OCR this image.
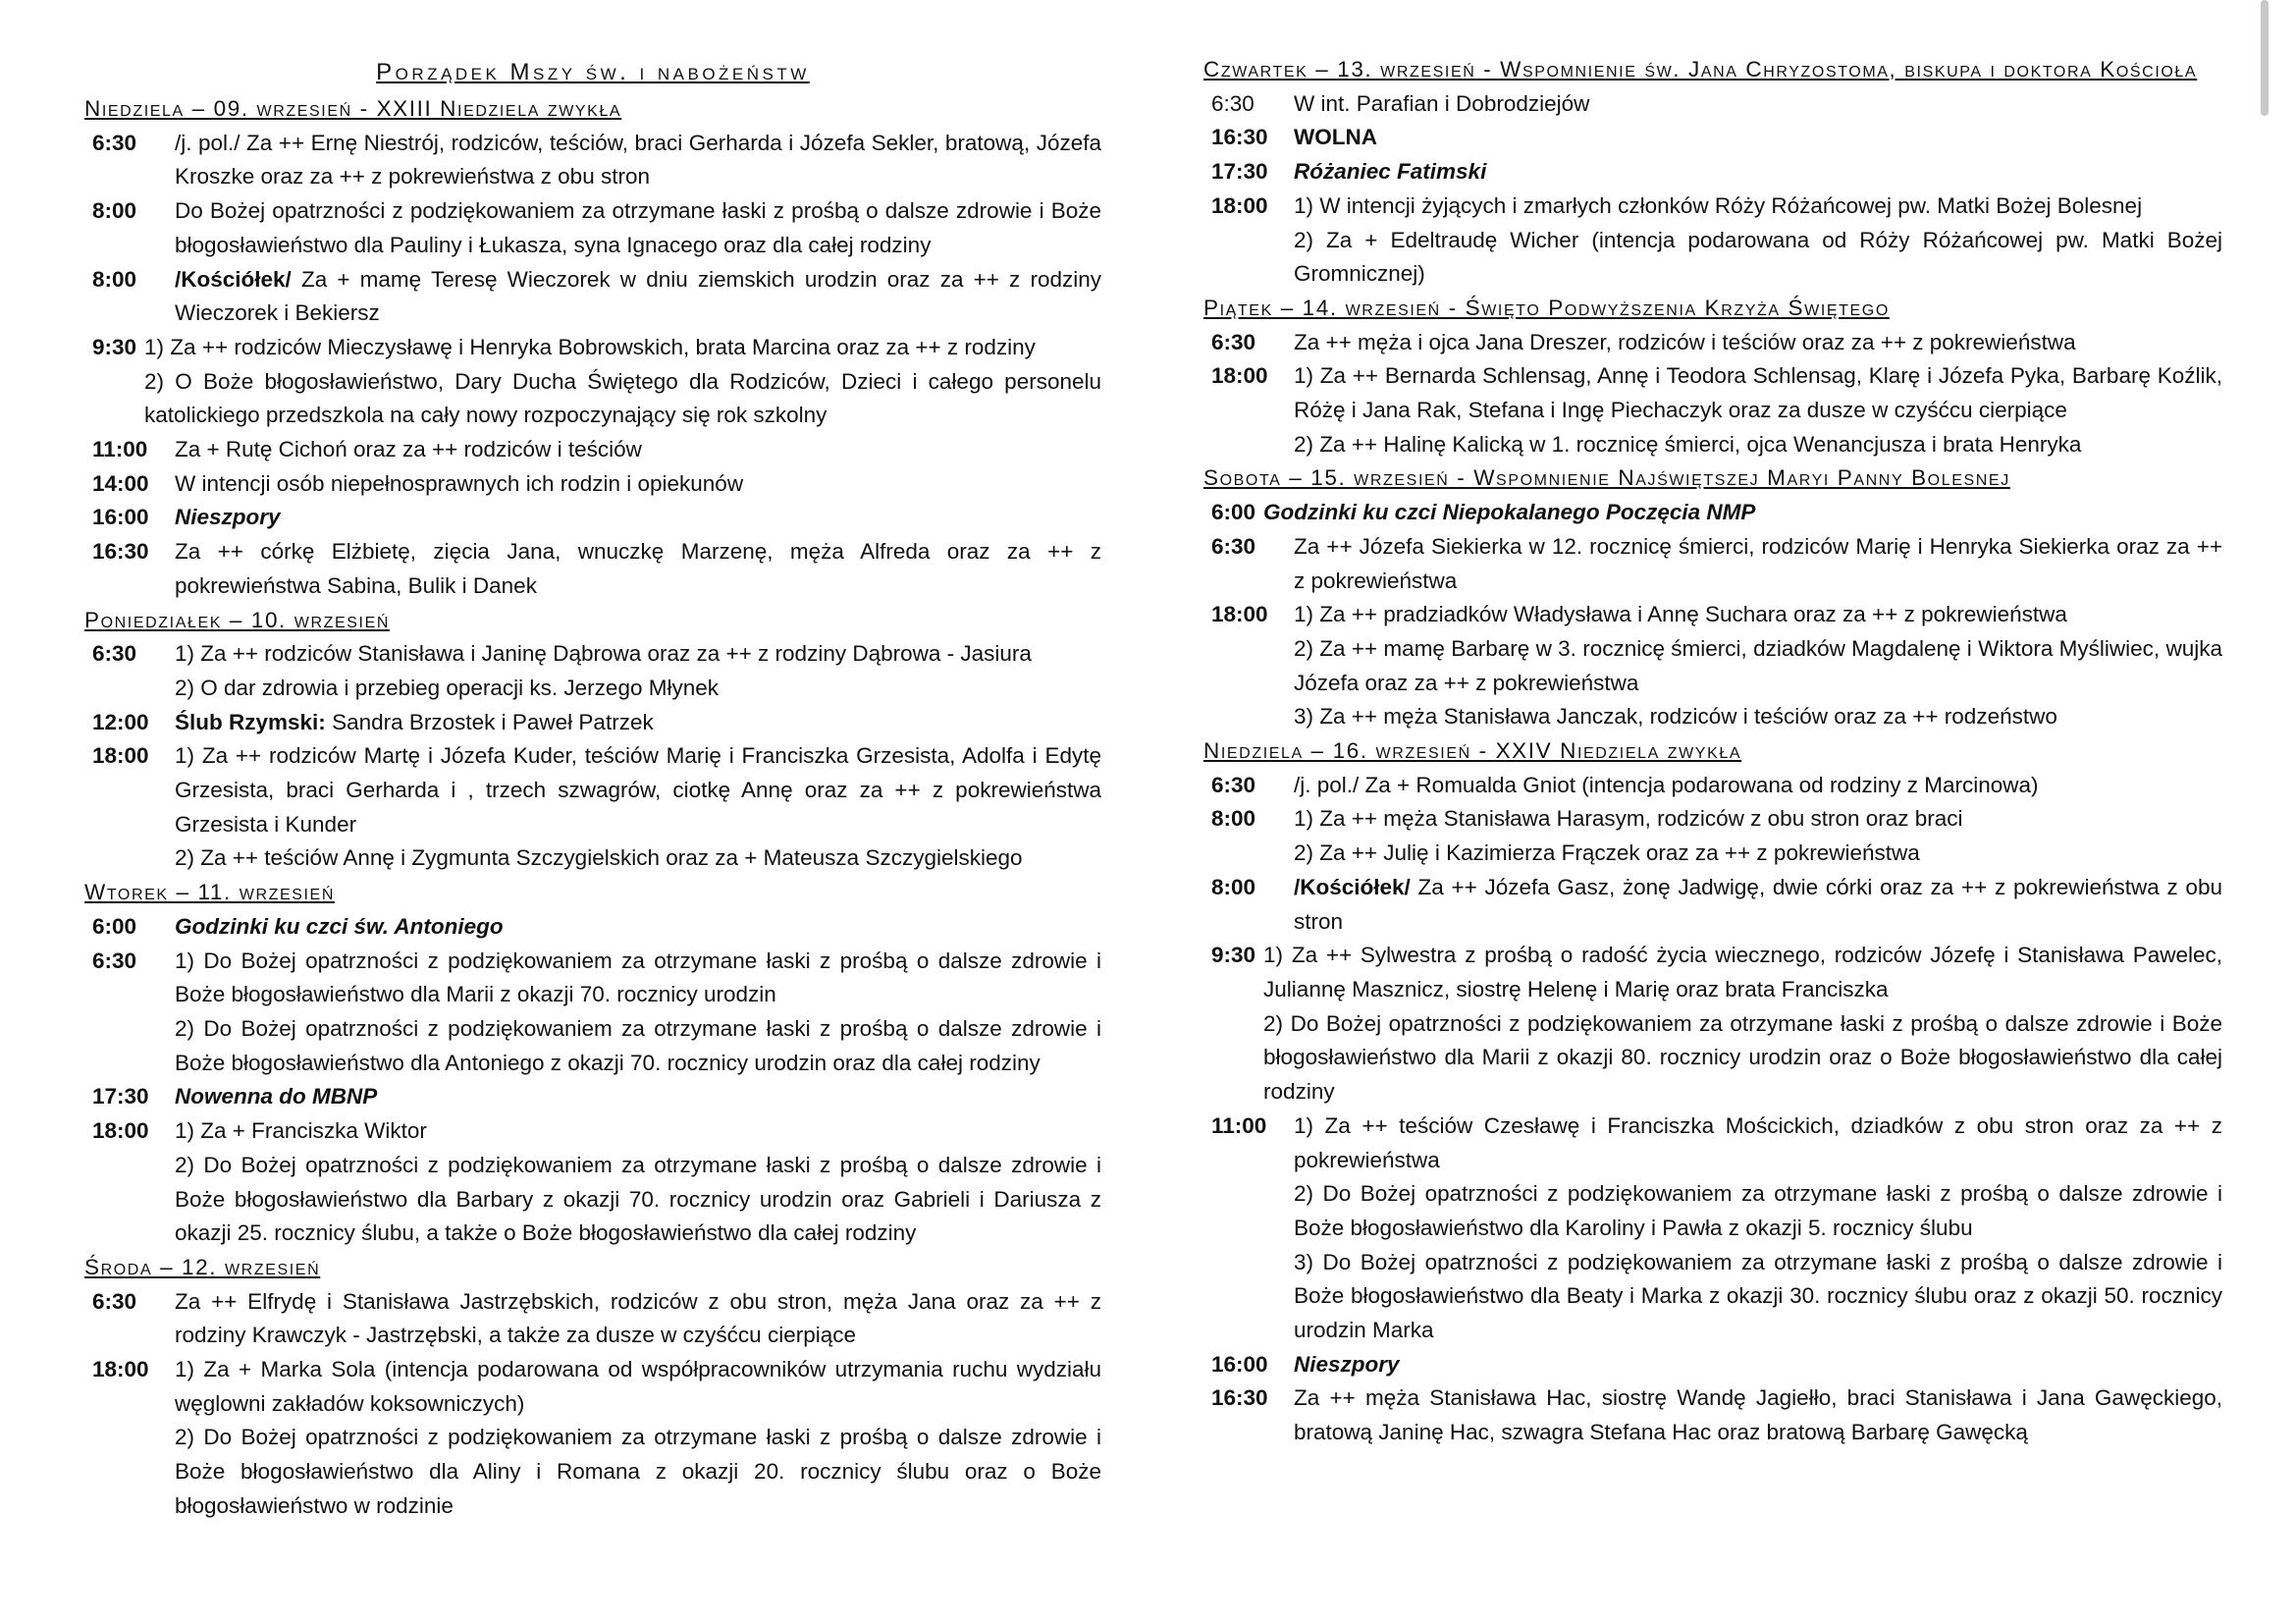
Porządek Mszy św. i nabożeństw
Niedziela – 09. wrzesień - XXIII Niedziela zwykła
6:30	/j. pol./ Za ++ Ernę Niestrój, rodziców, teściów, braci Gerharda i Józefa Sekler, bratową, Józefa Kroszke oraz za ++ z pokrewieństwa z obu stron
8:00	Do Bożej opatrzności z podziękowaniem za otrzymane łaski z prośbą o dalsze zdrowie i Boże błogosławieństwo dla Pauliny i Łukasza, syna Ignacego oraz dla całej rodziny
8:00	/Kościółek/ Za + mamę Teresę Wieczorek w dniu ziemskich urodzin oraz za ++ z rodziny Wieczorek i Bekiersz
9:30 1) Za ++ rodziców Mieczysławę i Henryka Bobrowskich, brata Marcina oraz za ++ z rodziny
2) O Boże błogosławieństwo, Dary Ducha Świętego dla Rodziców, Dzieci i całego personelu katolickiego przedszkola na cały nowy rozpoczynający się rok szkolny
11:00	Za + Rutę Cichoń oraz za ++ rodziców i teściów
14:00	W intencji osób niepełnosprawnych ich rodzin i opiekunów
16:00	Nieszpory
16:30	Za ++ córkę Elżbietę, zięcia Jana, wnuczkę Marzenę, męża Alfreda oraz za ++ z pokrewieństwa Sabina, Bulik i Danek
Poniedziałek – 10. wrzesień
6:30	1) Za ++ rodziców Stanisława i Janinę Dąbrowa oraz za ++ z rodziny Dąbrowa - Jasiura
2) O dar zdrowia i przebieg operacji ks. Jerzego Młynek
12:00	Ślub Rzymski: Sandra Brzostek i Paweł Patrzek
18:00	1) Za ++ rodziców Martę i Józefa Kuder, teściów Marię i Franciszka Grzesista, Adolfa i Edytę Grzesista, braci Gerharda i , trzech szwagrów, ciotkę Annę oraz za ++ z pokrewieństwa Grzesista i Kunder
2) Za ++ teściów Annę i Zygmunta Szczygielskich oraz za + Mateusza Szczygielskiego
Wtorek – 11. wrzesień
6:00	Godzinki ku czci św. Antoniego
6:30	1) Do Bożej opatrzności z podziękowaniem za otrzymane łaski z prośbą o dalsze zdrowie i Boże błogosławieństwo dla Marii z okazji 70. rocznicy urodzin
2) Do Bożej opatrzności z podziękowaniem za otrzymane łaski z prośbą o dalsze zdrowie i Boże błogosławieństwo dla Antoniego z okazji 70. rocznicy urodzin oraz dla całej rodziny
17:30	Nowenna do MBNP
18:00	1) Za + Franciszka Wiktor
2) Do Bożej opatrzności z podziękowaniem za otrzymane łaski z prośbą o dalsze zdrowie i Boże błogosławieństwo dla Barbary z okazji 70. rocznicy urodzin oraz Gabrieli i Dariusza z okazji 25. rocznicy ślubu, a także o Boże błogosławieństwo dla całej rodziny
Środa – 12. wrzesień
6:30	Za ++ Elfrydę i Stanisława Jastrzębskich, rodziców z obu stron, męża Jana oraz za ++ z rodziny Krawczyk - Jastrzębski, a także za dusze w czyśćcu cierpiące
18:00	1) Za + Marka Sola (intencja podarowana od współpracowników utrzymania ruchu wydziału węglowni zakładów koksowniczych)
2) Do Bożej opatrzności z podziękowaniem za otrzymane łaski z prośbą o dalsze zdrowie i Boże błogosławieństwo dla Aliny i Romana z okazji 20. rocznicy ślubu oraz o Boże błogosławieństwo w rodzinie
Czwartek – 13. wrzesień - Wspomnienie św. Jana Chryzostoma, biskupa i doktora Kościoła
6:30	W int. Parafian i Dobrodziejów
16:30	WOLNA
17:30	Różaniec Fatimski
18:00	1) W intencji żyjących i zmarłych członków Róży Różańcowej pw. Matki Bożej Bolesnej
2) Za + Edeltraudę Wicher (intencja podarowana od Róży Różańcowej pw. Matki Bożej Gromnicznej)
Piątek – 14. wrzesień - Święto Podwyższenia Krzyża Świętego
6:30	Za ++ męża i ojca Jana Dreszer, rodziców i teściów oraz za ++ z pokrewieństwa
18:00	1) Za ++ Bernarda Schlensag, Annę i Teodora Schlensag, Klarę i Józefa Pyka, Barbarę Koźlik, Różę i Jana Rak, Stefana i Ingę Piechaczyk oraz za dusze w czyśćcu cierpiące
2) Za ++ Halinę Kalicką w 1. rocznicę śmierci, ojca Wenancjusza i brata Henryka
Sobota – 15. wrzesień - Wspomnienie Najświętszej Maryi Panny Bolesnej
6:00 Godzinki ku czci Niepokalanego Poczęcia NMP
6:30	Za ++ Józefa Siekierka w 12. rocznicę śmierci, rodziców Marię i Henryka Siekierka oraz za ++ z pokrewieństwa
18:00	1) Za ++ pradziadków Władysława i Annę Suchara oraz za ++ z pokrewieństwa
2) Za ++ mamę Barbarę w 3. rocznicę śmierci, dziadków Magdalenę i Wiktora Myśliwiec, wujka Józefa oraz za ++ z pokrewieństwa
3) Za ++ męża Stanisława Janczak, rodziców i teściów oraz za ++ rodzeństwo
Niedziela – 16. wrzesień - XXIV Niedziela zwykła
6:30	/j. pol./ Za + Romualda Gniot (intencja podarowana od rodziny z Marcinowa)
8:00	1) Za ++ męża Stanisława Harasym, rodziców z obu stron oraz braci
2) Za ++ Julię i Kazimierza Frączek oraz za ++ z pokrewieństwa
8:00	/Kościółek/ Za ++ Józefa Gasz, żonę Jadwigę, dwie córki oraz za ++ z pokrewieństwa z obu stron
9:30 1) Za ++ Sylwestra z prośbą o radość życia wiecznego, rodziców Józefę i Stanisława Pawelec, Juliannę Masznicz, siostrę Helenę i Marię oraz brata Franciszka
2) Do Bożej opatrzności z podziękowaniem za otrzymane łaski z prośbą o dalsze zdrowie i Boże błogosławieństwo dla Marii z okazji 80. rocznicy urodzin oraz o Boże błogosławieństwo dla całej rodziny
11:00	1) Za ++ teściów Czesławę i Franciszka Mościckich, dziadków z obu stron oraz za ++ z pokrewieństwa
2) Do Bożej opatrzności z podziękowaniem za otrzymane łaski z prośbą o dalsze zdrowie i Boże błogosławieństwo dla Karoliny i Pawła z okazji 5. rocznicy ślubu
3) Do Bożej opatrzności z podziękowaniem za otrzymane łaski z prośbą o dalsze zdrowie i Boże błogosławieństwo dla Beaty i Marka z okazji 30. rocznicy ślubu oraz z okazji 50. rocznicy urodzin Marka
16:00	Nieszpory
16:30	Za ++ męża Stanisława Hac, siostrę Wandę Jagiełło, braci Stanisława i Jana Gawęckiego, bratową Janinę Hac, szwagra Stefana Hac oraz bratową Barbarę Gawęcką
